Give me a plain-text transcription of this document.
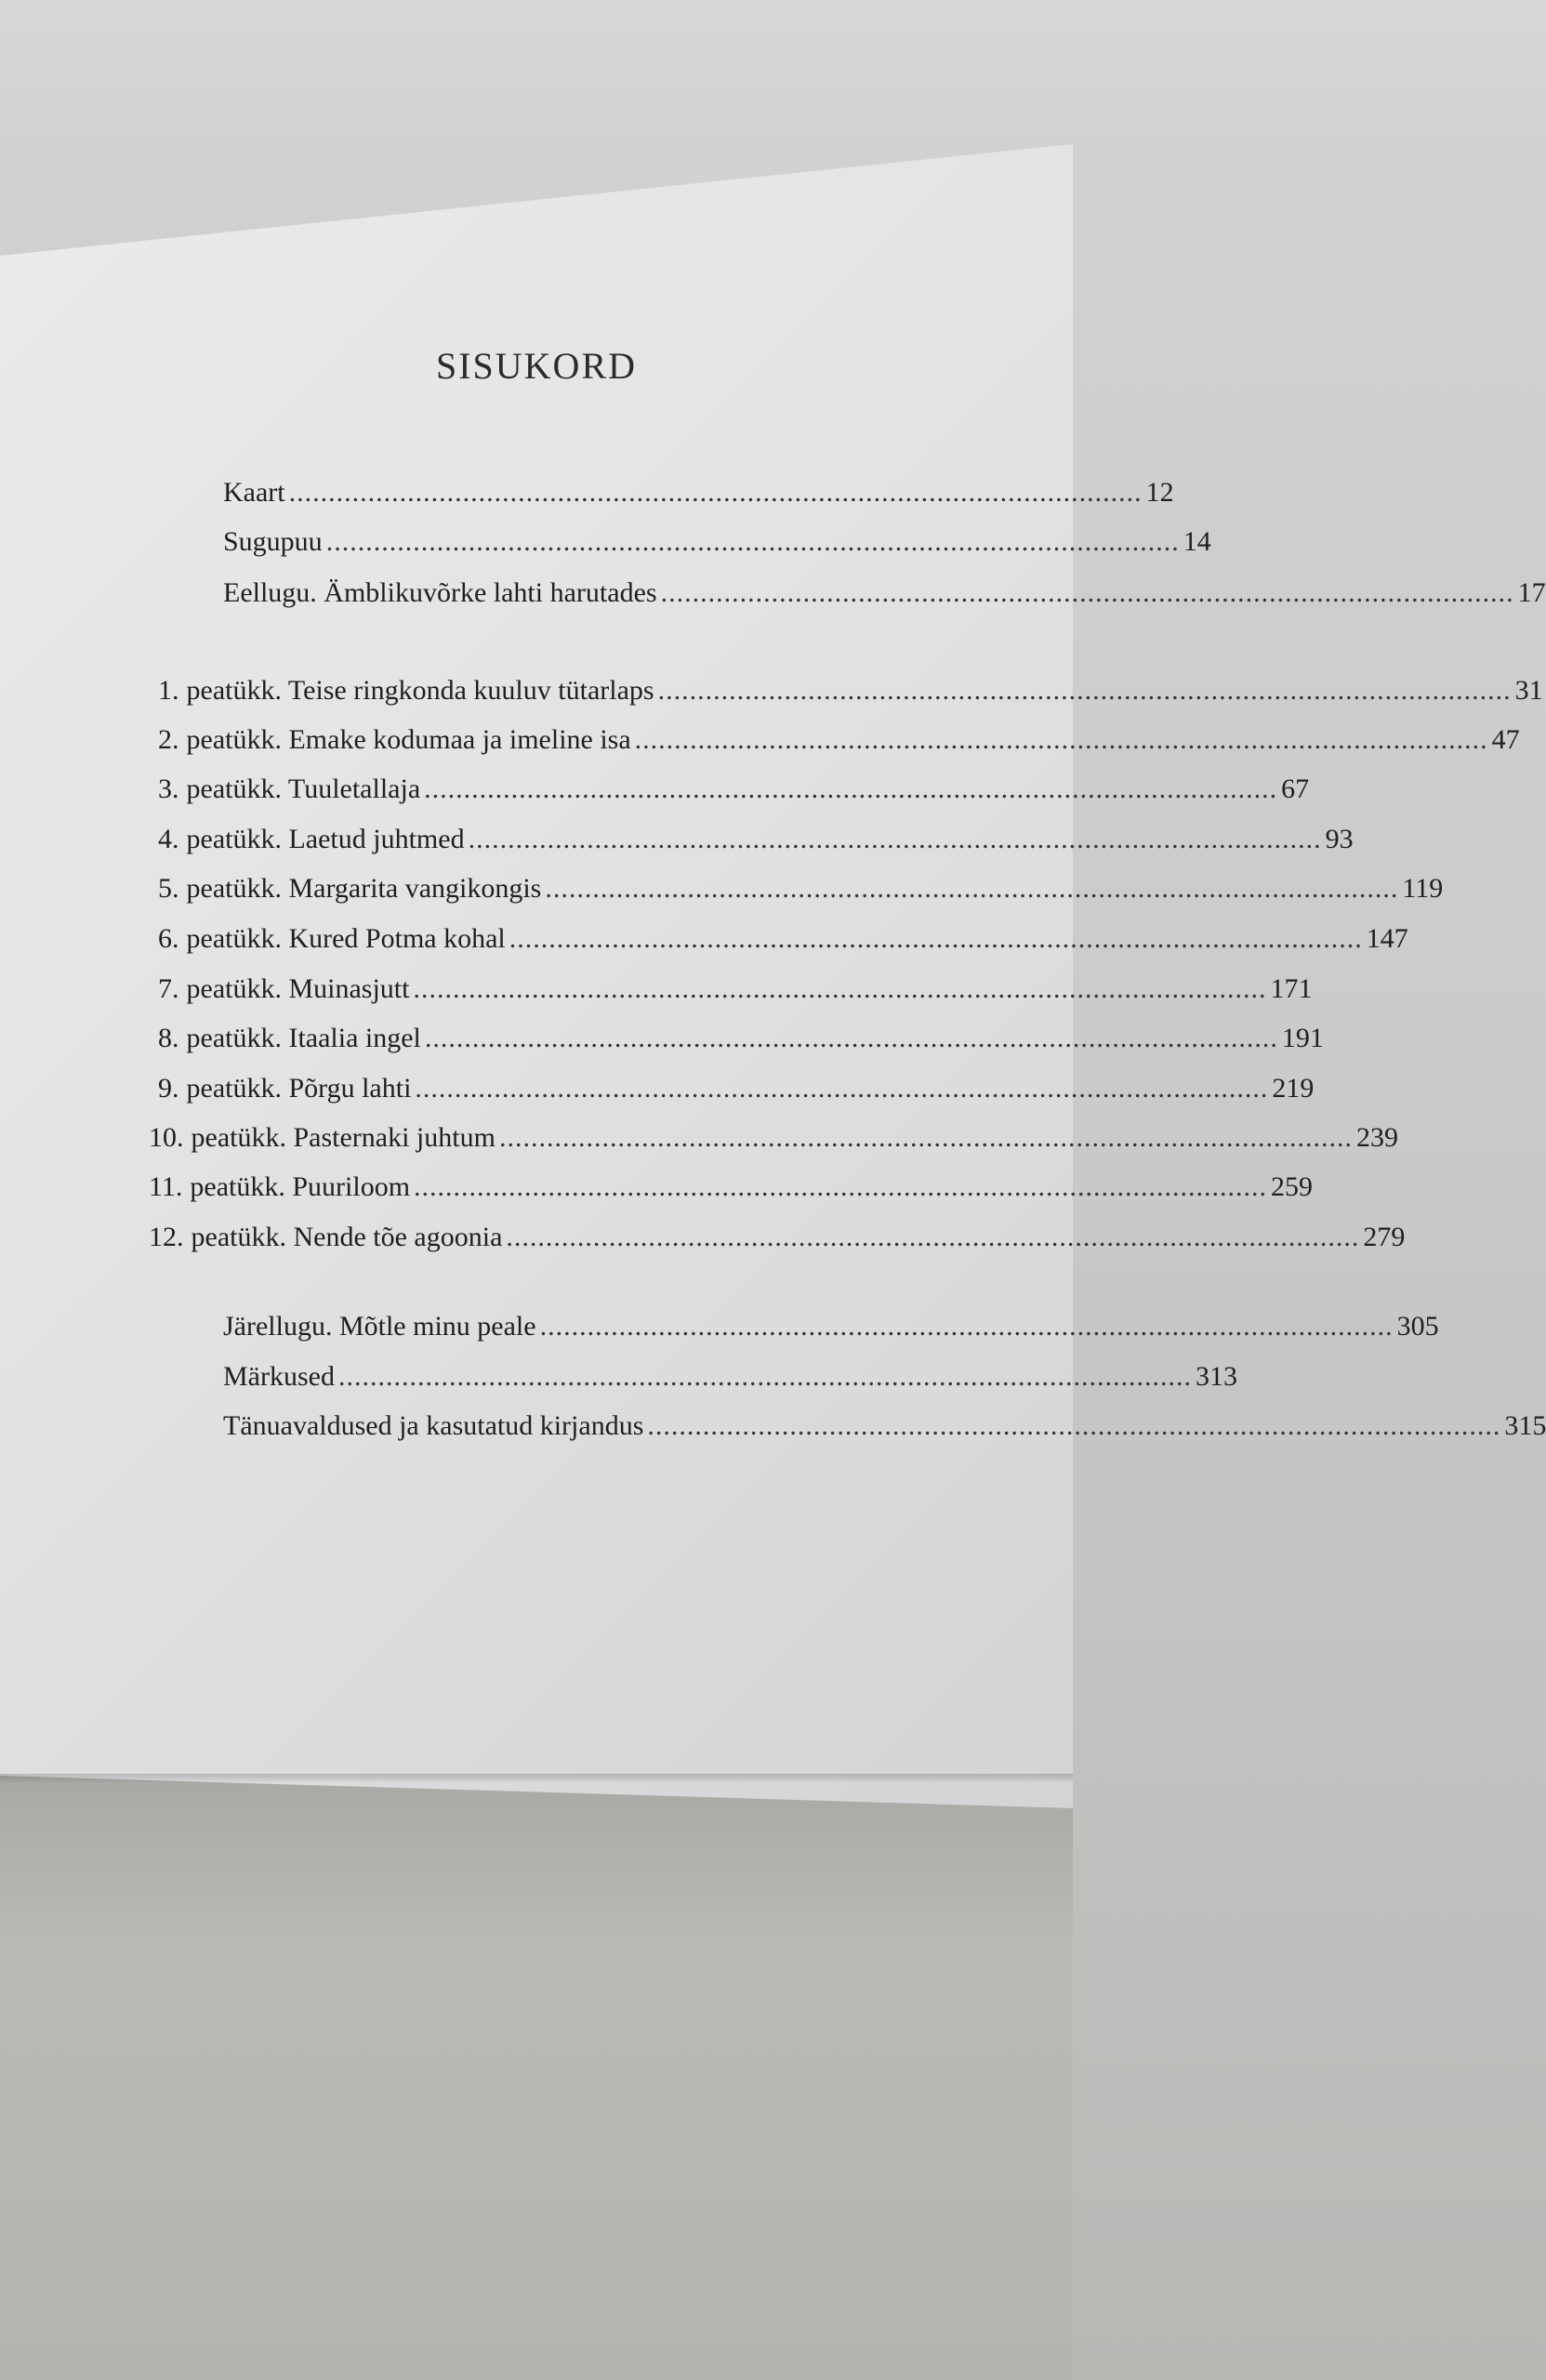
SISUKORD
Kaart ............................................................................................................ 12
Sugupuu ............................................................................................................ 14
Eellugu. Ämblikuvõrke lahti harutades ............................................................................................................ 17
1. peatükk. Teise ringkonda kuuluv tütarlaps ............................................................................................................ 31
2. peatükk. Emake kodumaa ja imeline isa ............................................................................................................ 47
3. peatükk. Tuuletallaja ............................................................................................................ 67
4. peatükk. Laetud juhtmed ............................................................................................................ 93
5. peatükk. Margarita vangikongis ............................................................................................................ 119
6. peatükk. Kured Potma kohal ............................................................................................................ 147
7. peatükk. Muinasjutt ............................................................................................................ 171
8. peatükk. Itaalia ingel ............................................................................................................ 191
9. peatükk. Põrgu lahti ............................................................................................................ 219
10. peatükk. Pasternaki juhtum ............................................................................................................ 239
11. peatükk. Puuriloom ............................................................................................................ 259
12. peatükk. Nende tõe agoonia ............................................................................................................ 279
Järellugu. Mõtle minu peale ............................................................................................................ 305
Märkused ............................................................................................................ 313
Tänuavaldused ja kasutatud kirjandus ............................................................................................................ 315
